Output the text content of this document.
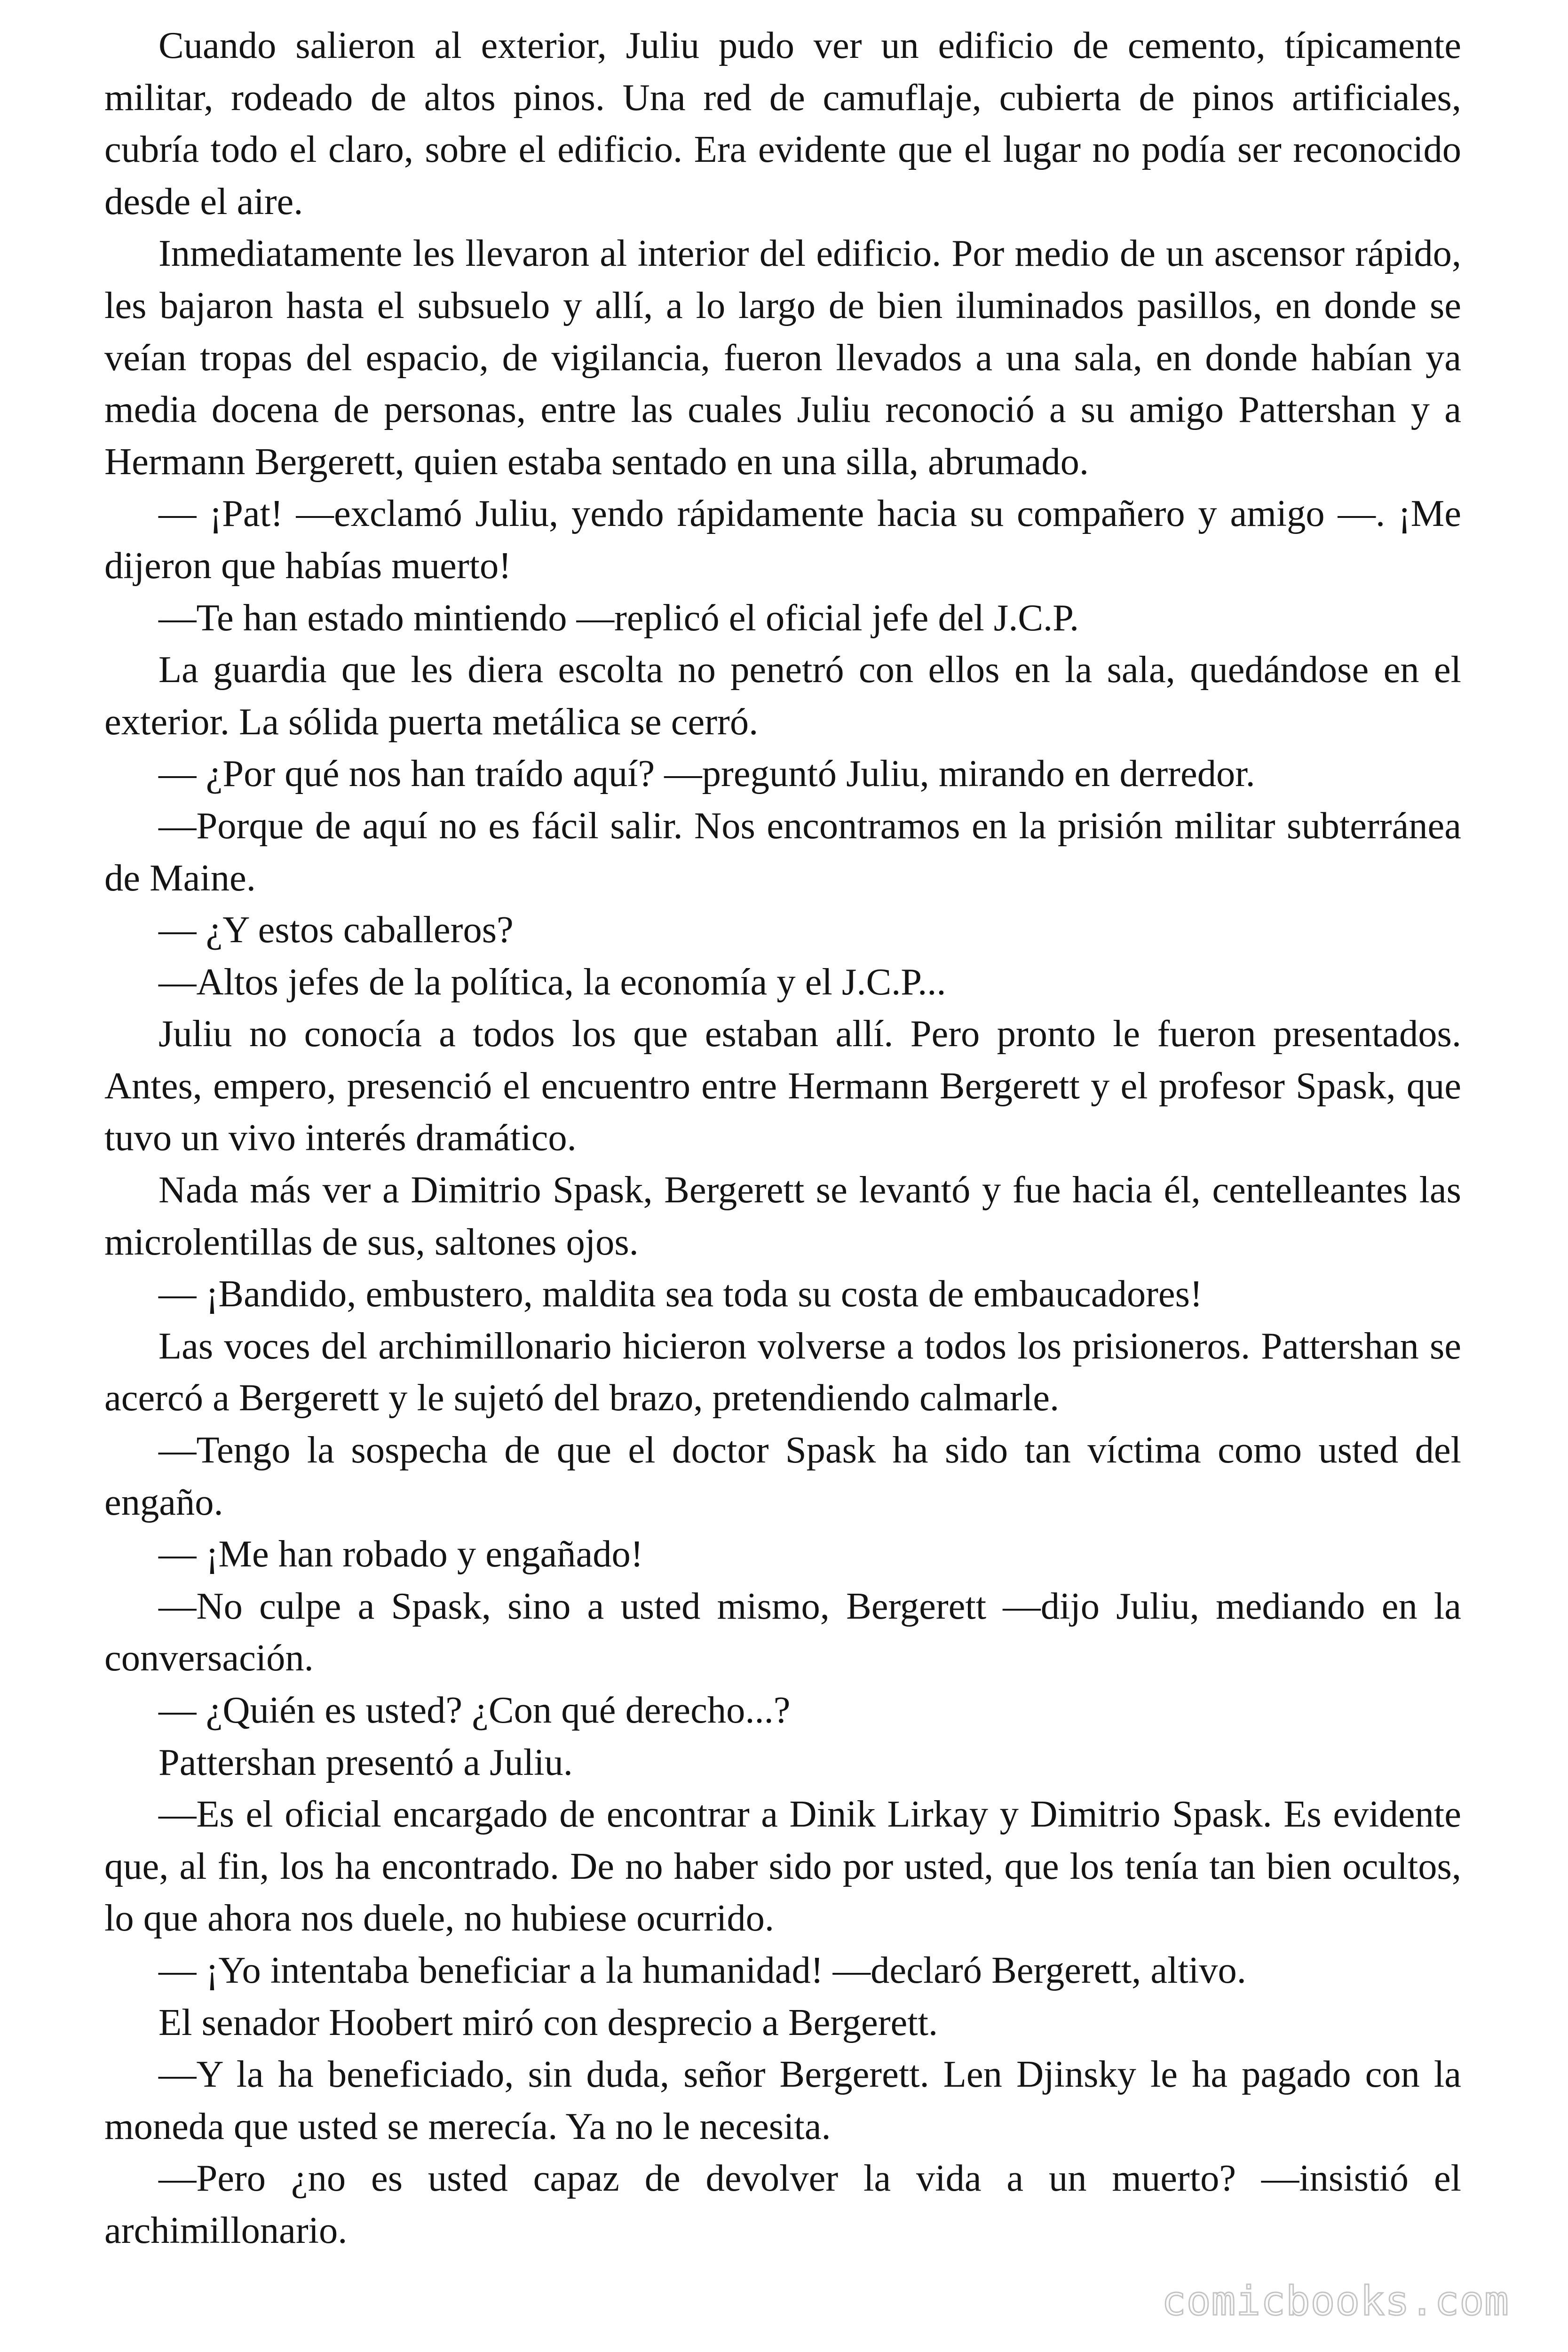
Cuando salieron al exterior, Juliu pudo ver un edificio de cemento, típicamente militar, rodeado de altos pinos. Una red de camuflaje, cubierta de pinos artificiales, cubría todo el claro, sobre el edificio. Era evidente que el lugar no podía ser reconocido desde el aire.

Inmediatamente les llevaron al interior del edificio. Por medio de un ascensor rápido, les bajaron hasta el subsuelo y allí, a lo largo de bien iluminados pasillos, en donde se veían tropas del espacio, de vigilancia, fueron llevados a una sala, en donde habían ya media docena de personas, entre las cuales Juliu reconoció a su amigo Pattershan y a Hermann Bergerett, quien estaba sentado en una silla, abrumado.

— ¡Pat! —exclamó Juliu, yendo rápidamente hacia su compañero y amigo —. ¡Me dijeron que habías muerto!

—Te han estado mintiendo —replicó el oficial jefe del J.C.P.

La guardia que les diera escolta no penetró con ellos en la sala, quedándose en el exterior. La sólida puerta metálica se cerró.

— ¿Por qué nos han traído aquí? —preguntó Juliu, mirando en derredor.

—Porque de aquí no es fácil salir. Nos encontramos en la prisión militar subterránea de Maine.

— ¿Y estos caballeros?

—Altos jefes de la política, la economía y el J.C.P...

Juliu no conocía a todos los que estaban allí. Pero pronto le fueron presentados. Antes, empero, presenció el encuentro entre Hermann Bergerett y el profesor Spask, que tuvo un vivo interés dramático.

Nada más ver a Dimitrio Spask, Bergerett se levantó y fue hacia él, centelleantes las microlentillas de sus, saltones ojos.

— ¡Bandido, embustero, maldita sea toda su costa de embaucadores!

Las voces del archimillonario hicieron volverse a todos los prisioneros. Pattershan se acercó a Bergerett y le sujetó del brazo, pretendiendo calmarle.

—Tengo la sospecha de que el doctor Spask ha sido tan víctima como usted del engaño.

— ¡Me han robado y engañado!

—No culpe a Spask, sino a usted mismo, Bergerett —dijo Juliu, mediando en la conversación.

— ¿Quién es usted? ¿Con qué derecho...?

Pattershan presentó a Juliu.

—Es el oficial encargado de encontrar a Dinik Lirkay y Dimitrio Spask. Es evidente que, al fin, los ha encontrado. De no haber sido por usted, que los tenía tan bien ocultos, lo que ahora nos duele, no hubiese ocurrido.

— ¡Yo intentaba beneficiar a la humanidad! —declaró Bergerett, altivo.

El senador Hoobert miró con desprecio a Bergerett.

—Y la ha beneficiado, sin duda, señor Bergerett. Len Djinsky le ha pagado con la moneda que usted se merecía. Ya no le necesita.

—Pero ¿no es usted capaz de devolver la vida a un muerto? —insistió el archimillonario.

comicbooks.com
